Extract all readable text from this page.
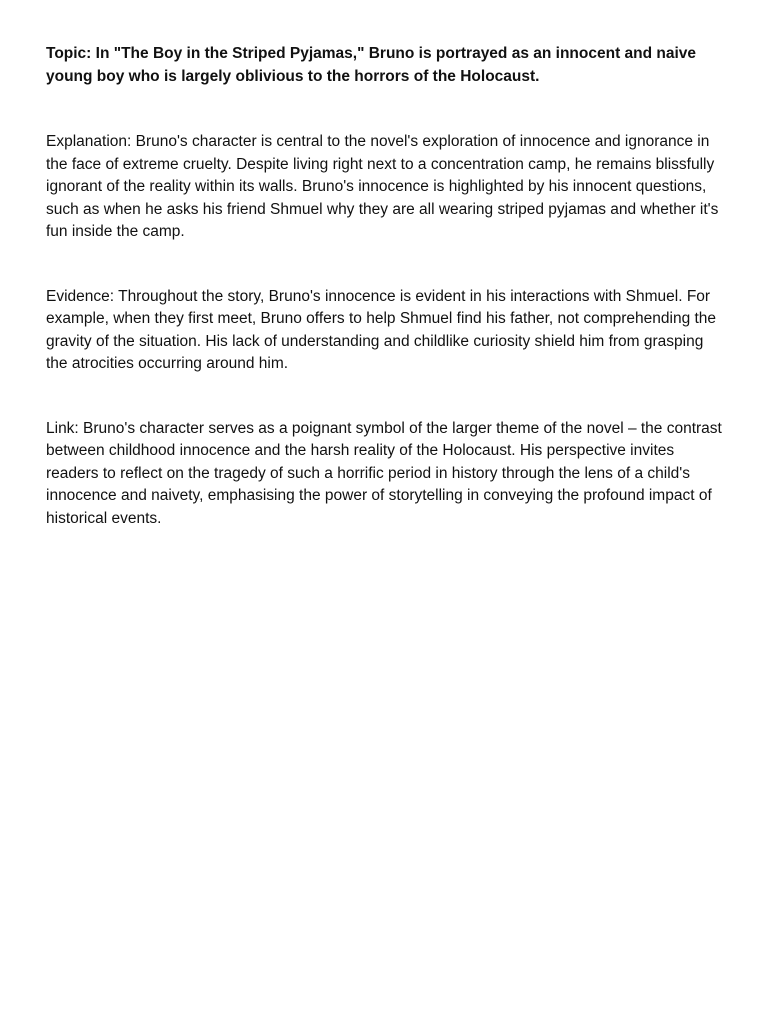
Topic: In "The Boy in the Striped Pyjamas," Bruno is portrayed as an innocent and naive young boy who is largely oblivious to the horrors of the Holocaust.

Explanation: Bruno's character is central to the novel's exploration of innocence and ignorance in the face of extreme cruelty. Despite living right next to a concentration camp, he remains blissfully ignorant of the reality within its walls. Bruno's innocence is highlighted by his innocent questions, such as when he asks his friend Shmuel why they are all wearing striped pyjamas and whether it's fun inside the camp.

Evidence: Throughout the story, Bruno's innocence is evident in his interactions with Shmuel. For example, when they first meet, Bruno offers to help Shmuel find his father, not comprehending the gravity of the situation. His lack of understanding and childlike curiosity shield him from grasping the atrocities occurring around him.

Link: Bruno's character serves as a poignant symbol of the larger theme of the novel – the contrast between childhood innocence and the harsh reality of the Holocaust. His perspective invites readers to reflect on the tragedy of such a horrific period in history through the lens of a child's innocence and naivety, emphasising the power of storytelling in conveying the profound impact of historical events.
